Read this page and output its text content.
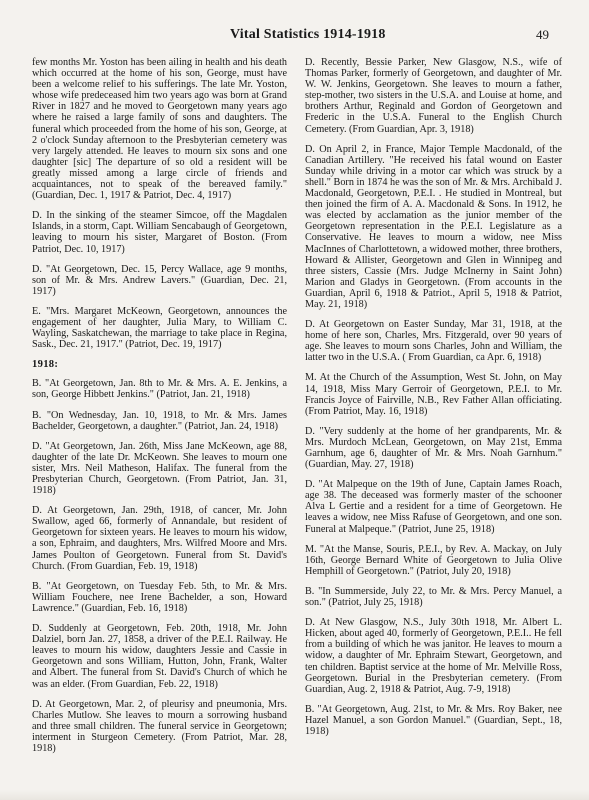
Vital Statistics 1914-1918	49

few months Mr. Yoston has been ailing in health and his death which occurred at the home of his son, George, must have been a welcome relief to his sufferings. The late Mr. Yoston, whose wife predeceased him two years ago was born at Grand River in 1827 and he moved to Georgetown many years ago where he raised a large family of sons and daughters. The funeral which proceeded from the home of his son, George, at 2 o'clock Sunday afternoon to the Presbyterian cemetery was very largely attended. He leaves to mourn six sons and one daughter [sic] The departure of so old a resident will be greatly missed among a large circle of friends and acquaintances, not to speak of the bereaved family." (Guardian, Dec. 1, 1917 & Patriot, Dec. 4, 1917)

D. In the sinking of the steamer Simcoe, off the Magdalen Islands, in a storm, Capt. William Sencabaugh of Georgetown, leaving to mourn his sister, Margaret of Boston. (From Patriot, Dec. 10, 1917)

D. "At Georgetown, Dec. 15, Percy Wallace, age 9 months, son of Mr. & Mrs. Andrew Lavers." (Guardian, Dec. 21, 1917)

E. "Mrs. Margaret McKeown, Georgetown, announces the engagement of her daughter, Julia Mary, to William C. Wayling, Saskatchewan, the marriage to take place in Regina, Sask., Dec. 21, 1917." (Patriot, Dec. 19, 1917)

1918:

B. "At Georgetown, Jan. 8th to Mr. & Mrs. A. E. Jenkins, a son, George Hibbett Jenkins." (Patriot, Jan. 21, 1918)

B. "On Wednesday, Jan. 10, 1918, to Mr. & Mrs. James Bachelder, Georgetown, a daughter." (Patriot, Jan. 24, 1918)

D. "At Georgetown, Jan. 26th, Miss Jane McKeown, age 88, daughter of the late Dr. McKeown. She leaves to mourn one sister, Mrs. Neil Matheson, Halifax. The funeral from the Presbyterian Church, Georgetown. (From Patriot, Jan. 31, 1918)

D. At Georgetown, Jan. 29th, 1918, of cancer, Mr. John Swallow, aged 66, formerly of Annandale, but resident of Georgetown for sixteen years. He leaves to mourn his widow, a son, Ephraim, and daughters, Mrs. Wilfred Moore and Mrs. James Poulton of Georgetown. Funeral from St. David's Church. (From Guardian, Feb. 19, 1918)

B. "At Georgetown, on Tuesday Feb. 5th, to Mr. & Mrs. William Fouchere, nee Irene Bachelder, a son, Howard Lawrence." (Guardian, Feb. 16, 1918)

D. Suddenly at Georgetown, Feb. 20th, 1918, Mr. John Dalziel, born Jan. 27, 1858, a driver of the P.E.I. Railway. He leaves to mourn his widow, daughters Jessie and Cassie in Georgetown and sons William, Hutton, John, Frank, Walter and Albert. The funeral from St. David's Church of which he was an elder. (From Guardian, Feb. 22, 1918)

D. At Georgetown, Mar. 2, of pleurisy and pneumonia, Mrs. Charles Mutlow. She leaves to mourn a sorrowing husband and three small children. The funeral service in Georgetown; interment in Sturgeon Cemetery. (From Patriot, Mar. 28, 1918)

D. Recently, Bessie Parker, New Glasgow, N.S., wife of Thomas Parker, formerly of Georgetown, and daughter of Mr. W. W. Jenkins, Georgetown. She leaves to mourn a father, step-mother, two sisters in the U.S.A. and Louise at home, and brothers Arthur, Reginald and Gordon of Georgetown and Frederic in the U.S.A. Funeral to the English Church Cemetery. (From Guardian, Apr. 3, 1918)

D. On April 2, in France, Major Temple Macdonald, of the Canadian Artillery. "He received his fatal wound on Easter Sunday while driving in a motor car which was struck by a shell." Born in 1874 he was the son of Mr. & Mrs. Archibald J. Macdonald, Georgetown, P.E.I. . He studied in Montreal, but then joined the firm of A. A. Macdonald & Sons. In 1912, he was elected by acclamation as the junior member of the Georgetown representation in the P.E.I. Legislature as a Conservative. He leaves to mourn a widow, nee Miss MacInnes of Charlottetown, a widowed mother, three brothers, Howard & Allister, Georgetown and Glen in Winnipeg and three sisters, Cassie (Mrs. Judge McInerny in Saint John) Marion and Gladys in Georgetown. (From accounts in the Guardian, April 6, 1918 & Patriot., April 5, 1918 & Patriot, May. 21, 1918)

D. At Georgetown on Easter Sunday, Mar 31, 1918, at the home of here son, Charles, Mrs. Fitzgerald, over 90 years of age. She leaves to mourn sons Charles, John and William, the latter two in the U.S.A. ( From Guardian, ca Apr. 6, 1918)

M. At the Church of the Assumption, West St. John, on May 14, 1918, Miss Mary Gerroir of Georgetown, P.E.I. to Mr. Francis Joyce of Fairville, N.B., Rev Father Allan officiating. (From Patriot, May. 16, 1918)

D. "Very suddenly at the home of her grandparents, Mr. & Mrs. Murdoch McLean, Georgetown, on May 21st, Emma Garnhum, age 6, daughter of Mr. & Mrs. Noah Garnhum." (Guardian, May. 27, 1918)

D. "At Malpeque on the 19th of June, Captain James Roach, age 38. The deceased was formerly master of the schooner Alva L Gertie and a resident for a time of Georgetown. He leaves a widow, nee Miss Rafuse of Georgetown, and one son. Funeral at Malpeque." (Patriot, June 25, 1918)

M. "At the Manse, Souris, P.E.I., by Rev. A. Mackay, on July 16th, George Bernard White of Georgetown to Julia Olive Hemphill of Georgetown." (Patriot, July 20, 1918)

B. "In Summerside, July 22, to Mr. & Mrs. Percy Manuel, a son." (Patriot, July 25, 1918)

D. At New Glasgow, N.S., July 30th 1918, Mr. Albert L. Hicken, about aged 40, formerly of Georgetown, P.E.I.. He fell from a building of which he was janitor. He leaves to mourn a widow, a daughter of Mr. Ephraim Stewart, Georgetown, and ten children. Baptist service at the home of Mr. Melville Ross, Georgetown. Burial in the Presbyterian cemetery. (From Guardian, Aug. 2, 1918 & Patriot, Aug. 7-9, 1918)

B. "At Georgetown, Aug. 21st, to Mr. & Mrs. Roy Baker, nee Hazel Manuel, a son Gordon Manuel." (Guardian, Sept., 18, 1918)
